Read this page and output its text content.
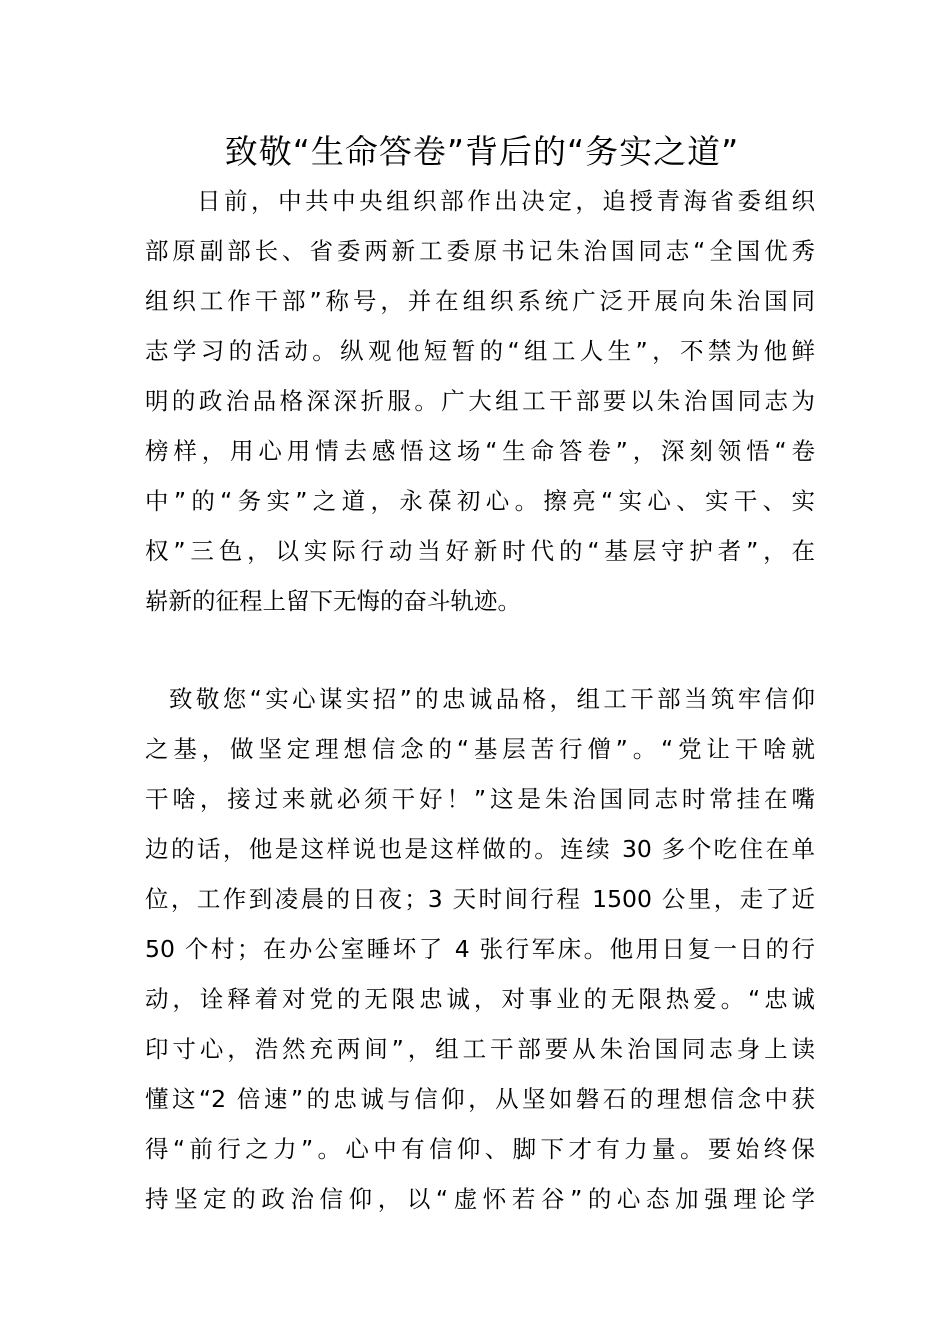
致敬“生命答卷”背后的“务实之道”
日前，中共中央组织部作出决定，追授青海省委组织
部原副部长、省委两新工委原书记朱治国同志“全国优秀
组织工作干部”称号，并在组织系统广泛开展向朱治国同
志学习的活动。纵观他短暂的“组工人生”，不禁为他鲜
明的政治品格深深折服。广大组工干部要以朱治国同志为
榜样，用心用情去感悟这场“生命答卷”，深刻领悟“卷
中”的“务实”之道，永葆初心。擦亮“实心、实干、实
权”三色，以实际行动当好新时代的“基层守护者”，在
崭新的征程上留下无悔的奋斗轨迹。
致敬您“实心谋实招”的忠诚品格，组工干部当筑牢信仰
之基，做坚定理想信念的“基层苦行僧”。“党让干啥就
干啥，接过来就必须干好！”这是朱治国同志时常挂在嘴
边的话，他是这样说也是这样做的。连续 30 多个吃住在单
位，工作到凌晨的日夜；3 天时间行程 1500 公里，走了近
50 个村；在办公室睡坏了 4 张行军床。他用日复一日的行
动，诠释着对党的无限忠诚，对事业的无限热爱。“忠诚
印寸心，浩然充两间”，组工干部要从朱治国同志身上读
懂这“2 倍速”的忠诚与信仰，从坚如磐石的理想信念中获
得“前行之力”。心中有信仰、脚下才有力量。要始终保
持坚定的政治信仰，以“虚怀若谷”的心态加强理论学
